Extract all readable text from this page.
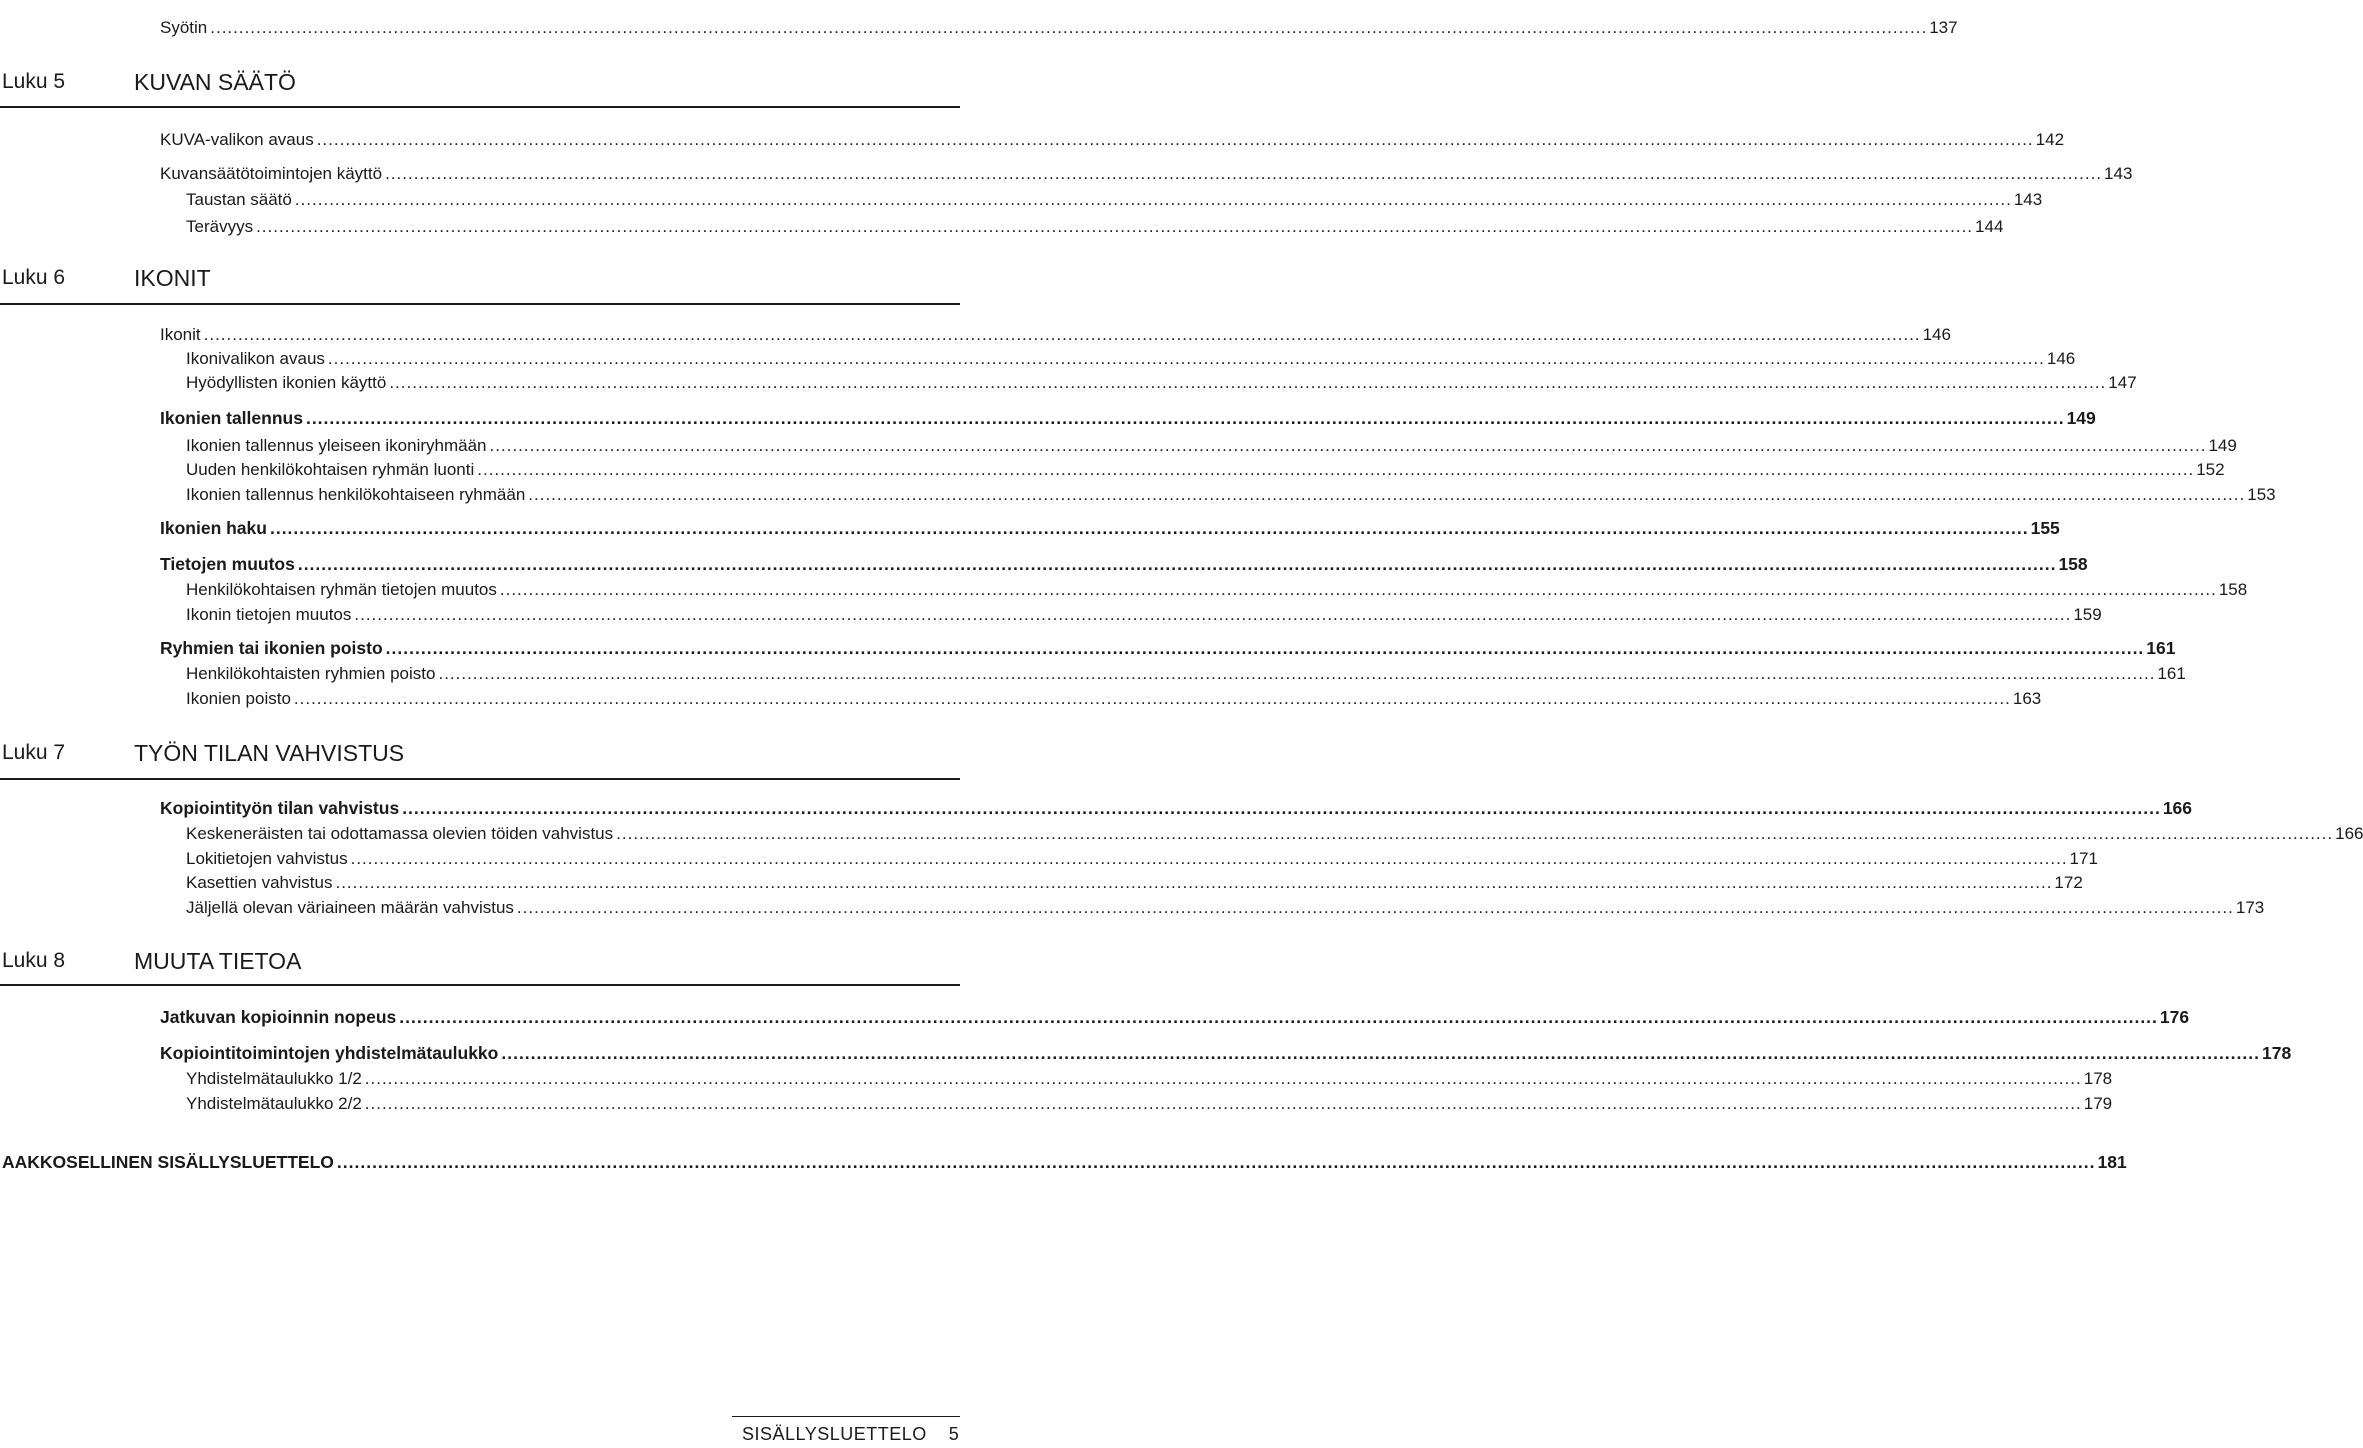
Syötin ............................................................................................................................................................................................................................................................................................................ 137
Luku 5	KUVAN SÄÄTÖ
KUVA-valikon avaus ............................................................................................................................................................................................................................................................................................................ 142
Kuvansäätötoimintojen käyttö ............................................................................................................................................................................................................................................................................................................ 143
Taustan säätö ............................................................................................................................................................................................................................................................................................................ 143
Terävyys ............................................................................................................................................................................................................................................................................................................ 144
Luku 6	IKONIT
Ikonit ............................................................................................................................................................................................................................................................................................................ 146
Ikonivalikon avaus ............................................................................................................................................................................................................................................................................................................ 146
Hyödyllisten ikonien käyttö ............................................................................................................................................................................................................................................................................................................ 147
Ikonien tallennus ............................................................................................................................................................................................................................................................................................................ 149
Ikonien tallennus yleiseen ikoniryhmään ............................................................................................................................................................................................................................................................................................................ 149
Uuden henkilökohtaisen ryhmän luonti ............................................................................................................................................................................................................................................................................................................ 152
Ikonien tallennus henkilökohtaiseen ryhmään ............................................................................................................................................................................................................................................................................................................ 153
Ikonien haku ............................................................................................................................................................................................................................................................................................................ 155
Tietojen muutos ............................................................................................................................................................................................................................................................................................................ 158
Henkilökohtaisen ryhmän tietojen muutos ............................................................................................................................................................................................................................................................................................................ 158
Ikonin tietojen muutos ............................................................................................................................................................................................................................................................................................................ 159
Ryhmien tai ikonien poisto ............................................................................................................................................................................................................................................................................................................ 161
Henkilökohtaisten ryhmien poisto ............................................................................................................................................................................................................................................................................................................ 161
Ikonien poisto ............................................................................................................................................................................................................................................................................................................ 163
Luku 7	TYÖN TILAN VAHVISTUS
Kopiointityön tilan vahvistus ............................................................................................................................................................................................................................................................................................................ 166
Keskeneräisten tai odottamassa olevien töiden vahvistus ............................................................................................................................................................................................................................................................................................................ 166
Lokitietojen vahvistus ............................................................................................................................................................................................................................................................................................................ 171
Kasettien vahvistus ............................................................................................................................................................................................................................................................................................................ 172
Jäljellä olevan väriaineen määrän vahvistus ............................................................................................................................................................................................................................................................................................................ 173
Luku 8	MUUTA TIETOA
Jatkuvan kopioinnin nopeus ............................................................................................................................................................................................................................................................................................................ 176
Kopiointitoimintojen yhdistelmätaulukko ............................................................................................................................................................................................................................................................................................................ 178
Yhdistelmätaulukko 1/2 ............................................................................................................................................................................................................................................................................................................ 178
Yhdistelmätaulukko 2/2 ............................................................................................................................................................................................................................................................................................................ 179
AAKKOSELLINEN SISÄLLYSLUETTELO ............................................................................................................................................................................................................................................................................................................ 181
SISÄLLYSLUETTELO 5
